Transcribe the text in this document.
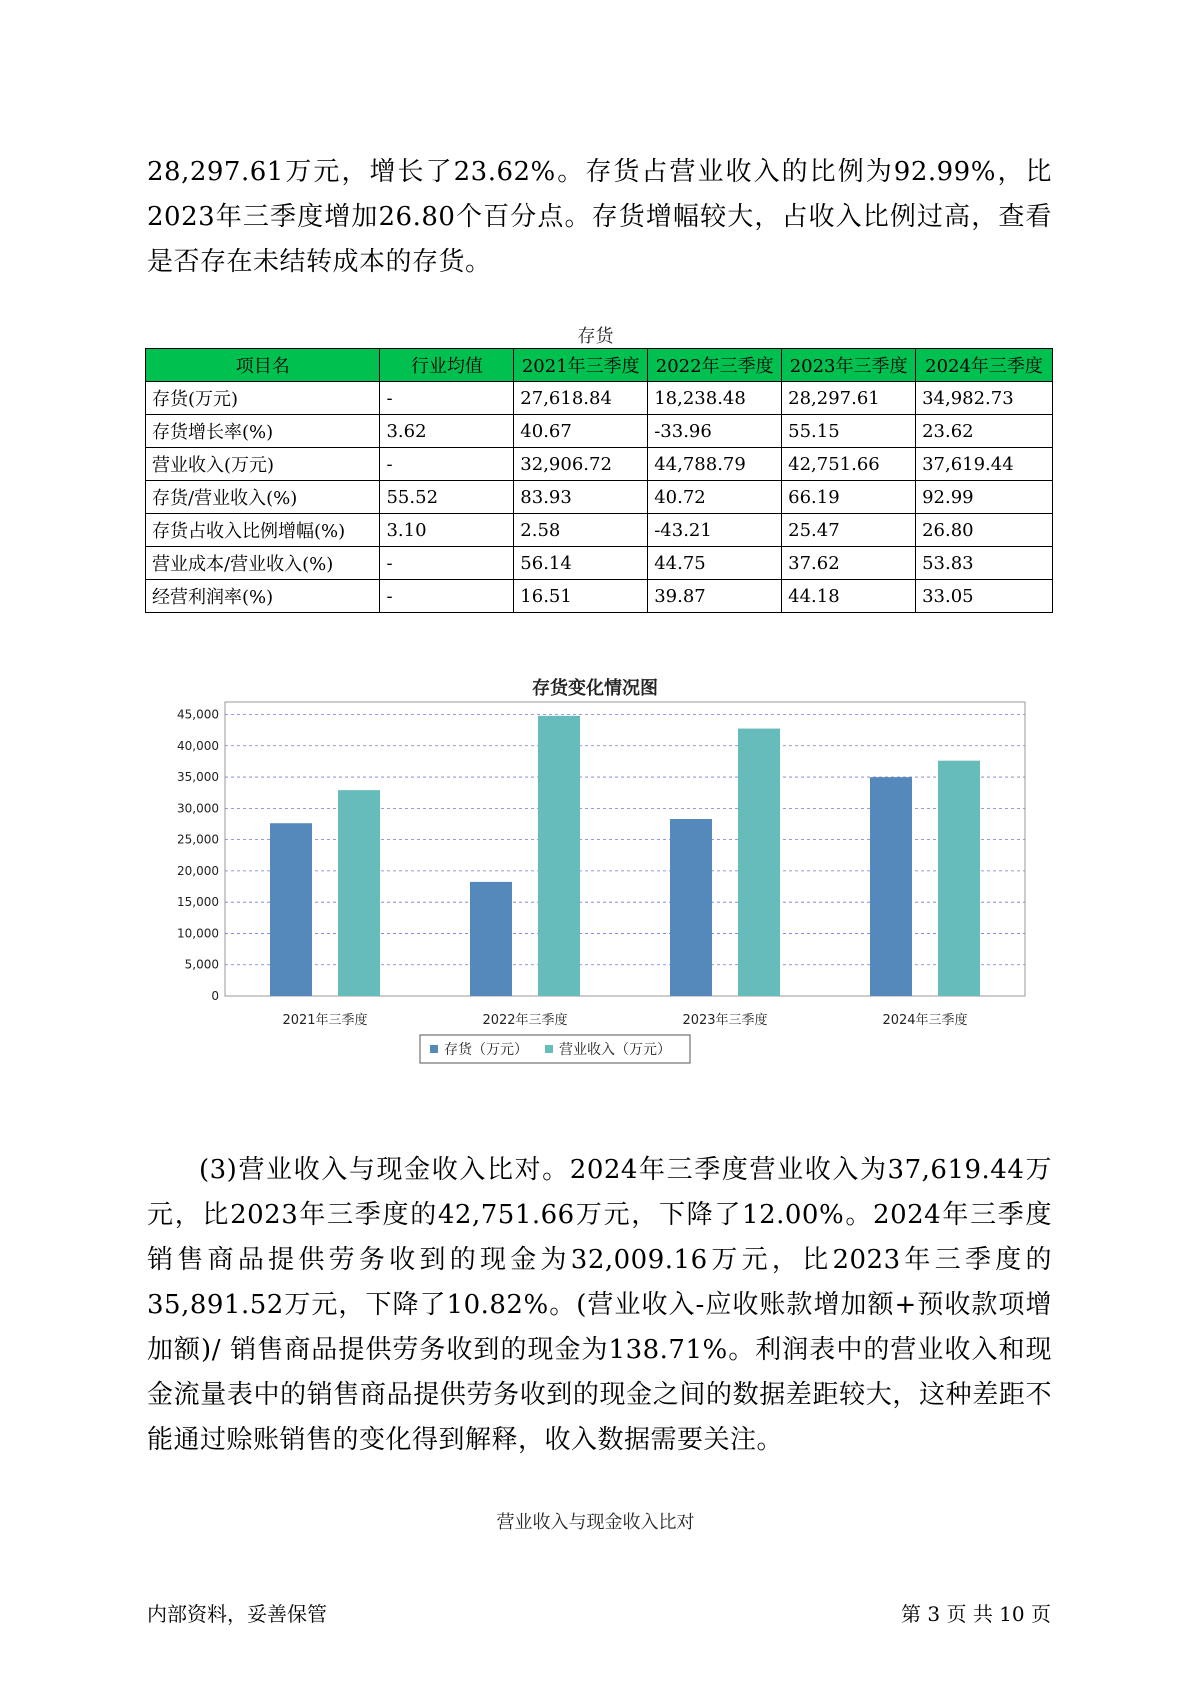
28,297.61万元，增长了23.62%。存货占营业收入的比例为92.99%，比2023年三季度增加26.80个百分点。存货增幅较大，占收入比例过高，查看是否存在未结转成本的存货。

存货
项目名	行业均值	2021年三季度	2022年三季度	2023年三季度	2024年三季度
存货(万元)	-	27,618.84	18,238.48	28,297.61	34,982.73
存货增长率(%)	3.62	40.67	-33.96	55.15	23.62
营业收入(万元)	-	32,906.72	44,788.79	42,751.66	37,619.44
存货/营业收入(%)	55.52	83.93	40.72	66.19	92.99
存货占收入比例增幅(%)	3.10	2.58	-43.21	25.47	26.80
营业成本/营业收入(%)	-	56.14	44.75	37.62	53.83
经营利润率(%)	-	16.51	39.87	44.18	33.05
存货变化情况图
0
5,000
10,000
15,000
20,000
25,000
30,000
35,000
40,000
45,000
2021年三季度	2022年三季度	2023年三季度	2024年三季度
存货（万元） 营业收入（万元）

(3)营业收入与现金收入比对。2024年三季度营业收入为37,619.44万元，比2023年三季度的42,751.66万元，下降了12.00%。2024年三季度销售商品提供劳务收到的现金为32,009.16万元，比2023年三季度的35,891.52万元，下降了10.82%。(营业收入-应收账款增加额+预收款项增加额)/ 销售商品提供劳务收到的现金为138.71%。利润表中的营业收入和现金流量表中的销售商品提供劳务收到的现金之间的数据差距较大，这种差距不能通过赊账销售的变化得到解释，收入数据需要关注。

营业收入与现金收入比对
内部资料，妥善保管	第 3 页 共 10 页
